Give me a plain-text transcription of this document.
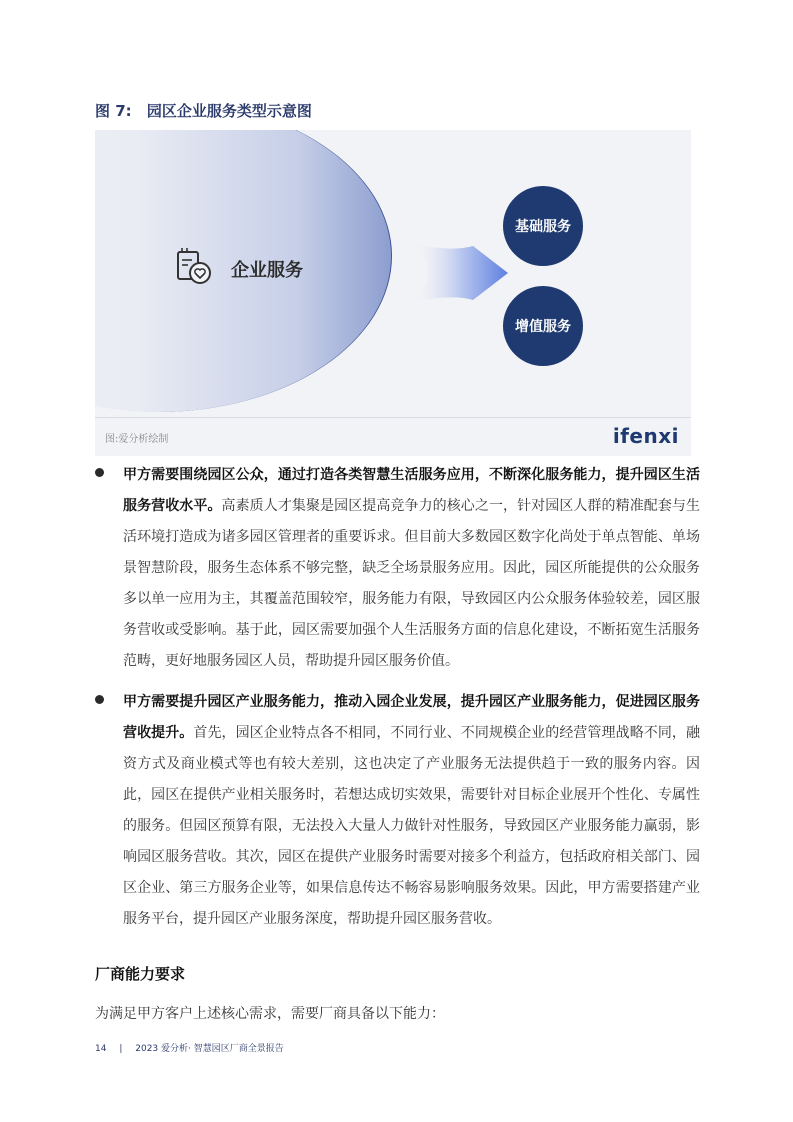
图 7: 园区企业服务类型示意图
企业服务
基础服务
增值服务
图:爱分析绘制	ifenxi
甲方需要围绕园区公众，通过打造各类智慧生活服务应用，不断深化服务能力，提升园区生活服务营收水平。高素质人才集聚是园区提高竞争力的核心之一，针对园区人群的精准配套与生活环境打造成为诸多园区管理者的重要诉求。但目前大多数园区数字化尚处于单点智能、单场景智慧阶段，服务生态体系不够完整，缺乏全场景服务应用。因此，园区所能提供的公众服务多以单一应用为主，其覆盖范围较窄，服务能力有限，导致园区内公众服务体验较差，园区服务营收或受影响。基于此，园区需要加强个人生活服务方面的信息化建设，不断拓宽生活服务范畴，更好地服务园区人员，帮助提升园区服务价值。
甲方需要提升园区产业服务能力，推动入园企业发展，提升园区产业服务能力，促进园区服务营收提升。首先，园区企业特点各不相同，不同行业、不同规模企业的经营管理战略不同，融资方式及商业模式等也有较大差别，这也决定了产业服务无法提供趋于一致的服务内容。因此，园区在提供产业相关服务时，若想达成切实效果，需要针对目标企业展开个性化、专属性的服务。但园区预算有限，无法投入大量人力做针对性服务，导致园区产业服务能力赢弱，影响园区服务营收。其次，园区在提供产业服务时需要对接多个利益方，包括政府相关部门、园区企业、第三方服务企业等，如果信息传达不畅容易影响服务效果。因此，甲方需要搭建产业服务平台，提升园区产业服务深度，帮助提升园区服务营收。
厂商能力要求
为满足甲方客户上述核心需求，需要厂商具备以下能力：
14 | 2023 爱分析· 智慧园区厂商全景报告
